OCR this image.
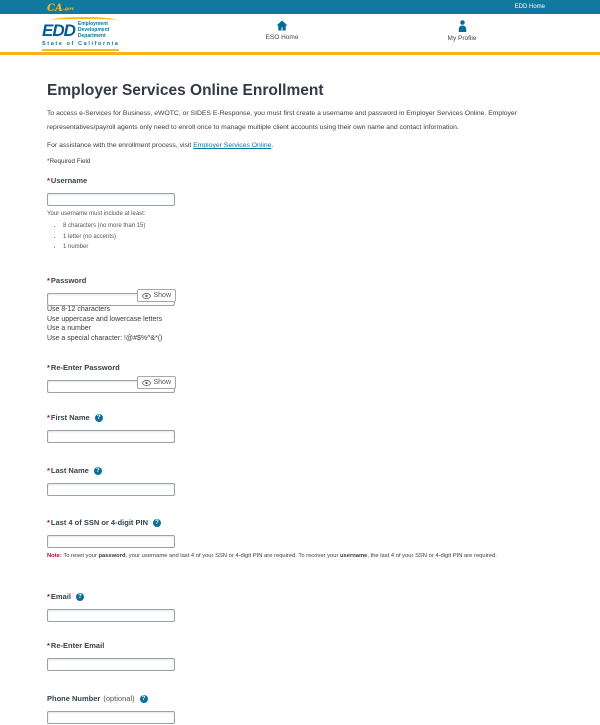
CA.gov	EDD Home
EDD Employment
Development
Department
State of California
ESO Home	My Profile
Employer Services Online Enrollment

To access e-Services for Business, eWOTC, or SIDES E-Response, you must first create a username and password in Employer Services Online. Employer representatives/payroll agents only need to enroll once to manage multiple client accounts using their own name and contact information.

For assistance with the enrollment process, visit Employer Services Online.

*Required Field

* Username
Your username must include at least:
• 8 characters (no more than 15)
• 1 letter (no accents)
• 1 number
* Password
Show
Use 8-12 characters
Use uppercase and lowercase letters
Use a number
Use a special character: !@#$%^&*()
* Re-Enter Password
Show
* First Name	?
* Last Name	?
* Last 4 of SSN or 4-digit PIN	?
Note: To reset your password, your username and last 4 of your SSN or 4-digit PIN are required. To recover your username, the last 4 of your SSN or 4-digit PIN are required.
* Email	?
* Re-Enter Email
Phone Number (optional)	?
